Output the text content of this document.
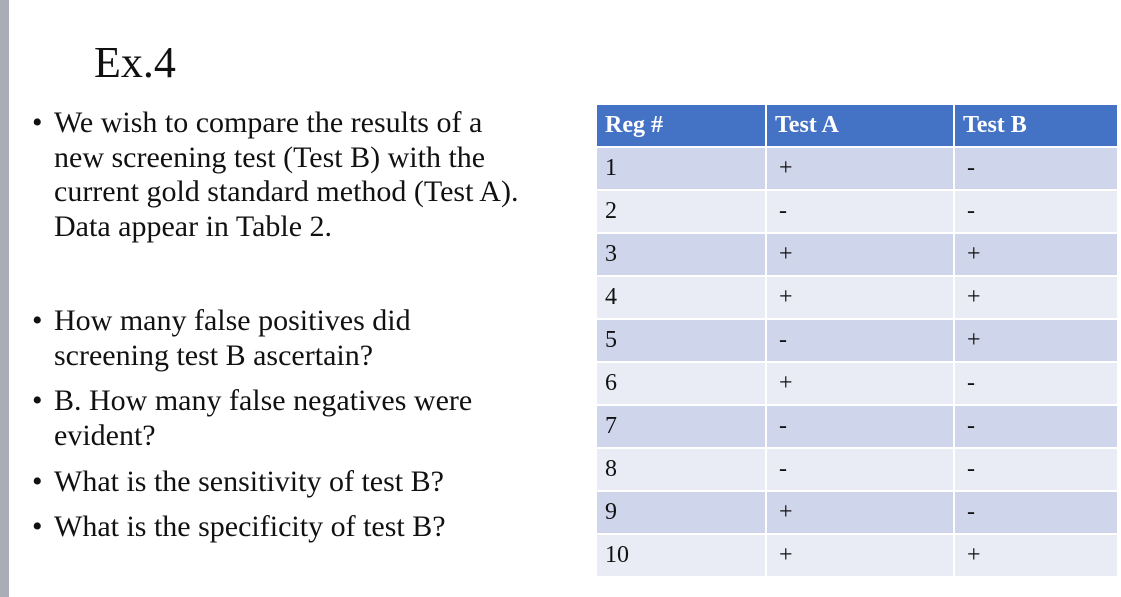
Ex.4
• We wish to compare the results of a
new screening test (Test B) with the
current gold standard method (Test A).
Data appear in Table 2.
• How many false positives did
screening test B ascertain?
• B. How many false negatives were
evident?
• What is the sensitivity of test B?
• What is the specificity of test B?
Reg #	Test A	Test B
1	+	-
2	-	-
3	+	+
4	+	+
5	-	+
6	+	-
7	-	-
8	-	-
9	+	-
10	+	+
